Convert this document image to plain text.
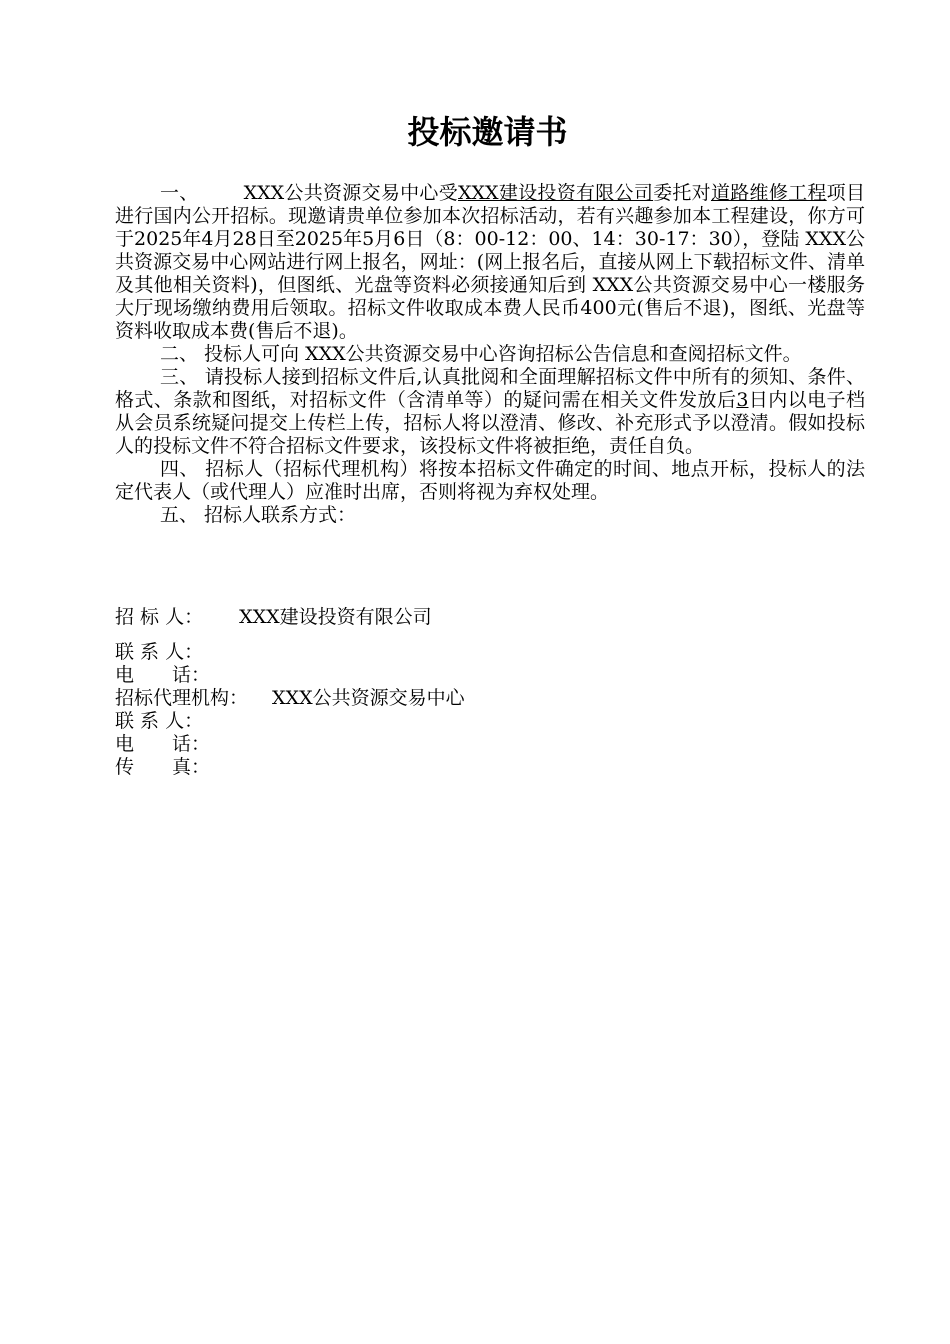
投标邀请书

一、 XXX公共资源交易中心受XXX建设投资有限公司委托对道路维修工程项目进行国内公开招标。现邀请贵单位参加本次招标活动，若有兴趣参加本工程建设，你方可于2025年4月28日至2025年5月6日（8：00-12：00、14：30-17：30），登陆 XXX公共资源交易中心网站进行网上报名，网址：(网上报名后，直接从网上下载招标文件、清单及其他相关资料)，但图纸、光盘等资料必须接通知后到 XXX公共资源交易中心一楼服务大厅现场缴纳费用后领取。招标文件收取成本费人民币400元(售后不退)，图纸、光盘等资料收取成本费(售后不退)。

二、 投标人可向 XXX公共资源交易中心咨询招标公告信息和查阅招标文件。

三、 请投标人接到招标文件后,认真批阅和全面理解招标文件中所有的须知、条件、格式、条款和图纸，对招标文件（含清单等）的疑问需在相关文件发放后3日内以电子档从会员系统疑问提交上传栏上传，招标人将以澄清、修改、补充形式予以澄清。假如投标人的投标文件不符合招标文件要求，该投标文件将被拒绝，责任自负。

四、 招标人（招标代理机构）将按本招标文件确定的时间、地点开标，投标人的法定代表人（或代理人）应准时出席，否则将视为弃权处理。

五、 招标人联系方式：

招 标 人： XXX建设投资有限公司
联 系 人：
电　　话：
招标代理机构： XXX公共资源交易中心
联 系 人：
电　　话：
传　　真：
